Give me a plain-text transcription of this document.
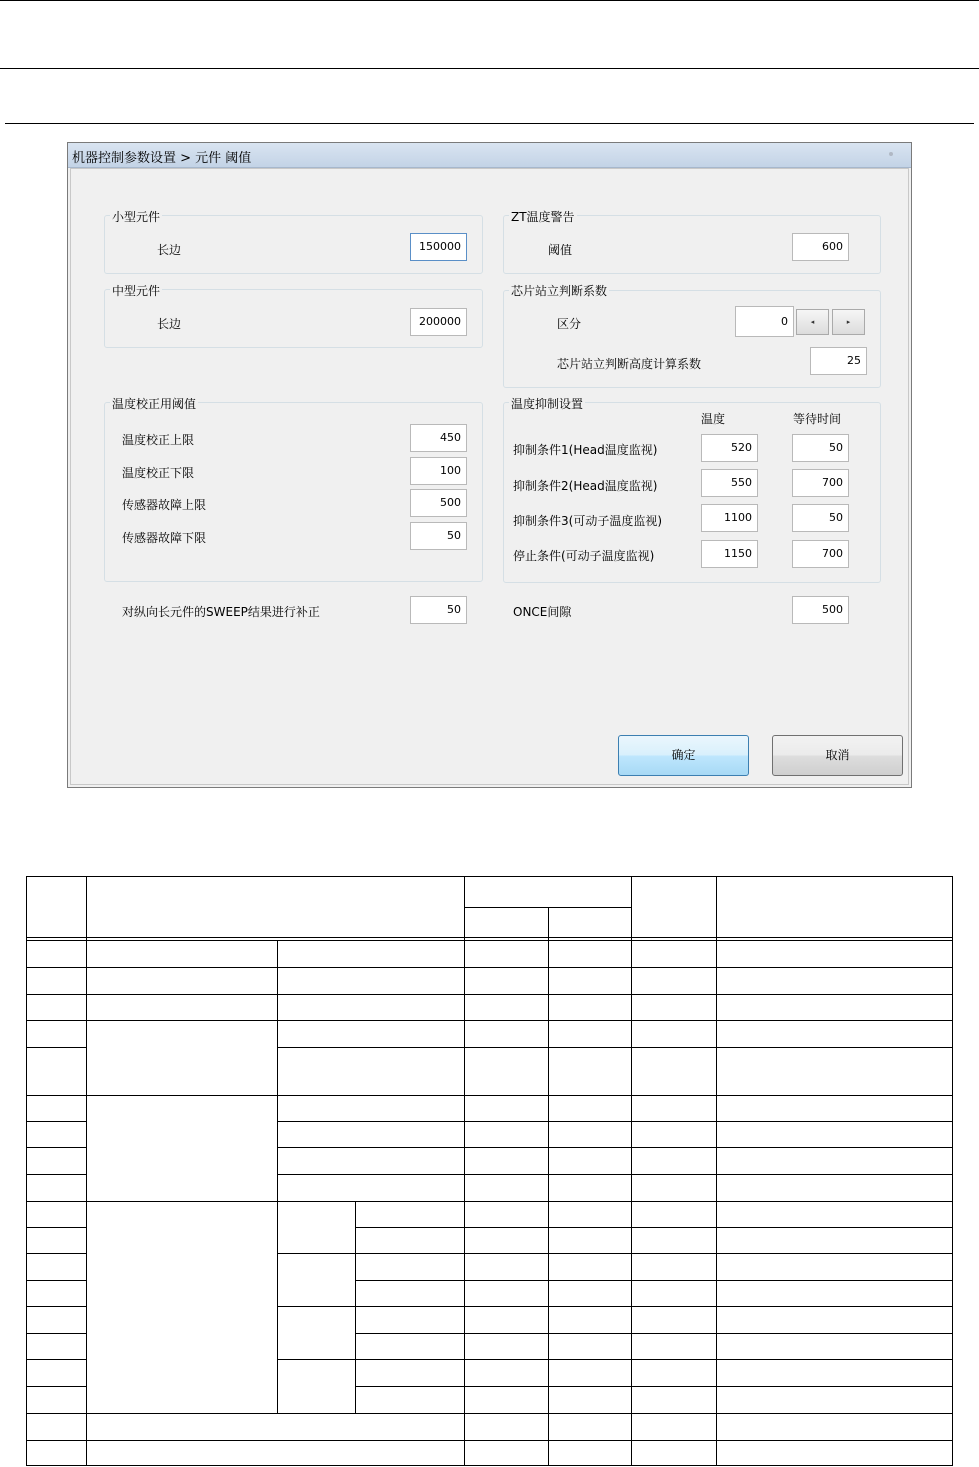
机器控制参数设置 > 元件 阈值
小型元件
长边	150000
中型元件
长边	200000
温度校正用阈值
温度校正上限	450
温度校正下限	100
传感器故障上限	500
传感器故障下限	50
对纵向长元件的SWEEP结果进行补正	50
ZT温度警告
阈值	600
芯片站立判断系数
区分	0	◂	▸
芯片站立判断高度计算系数	25
温度抑制设置
温度	等待时间
抑制条件1(Head温度监视)	520	50
抑制条件2(Head温度监视)	550	700
抑制条件3(可动子温度监视)	1100	50
停止条件(可动子温度监视)	1150	700
ONCE间隙	500
确定	取消
